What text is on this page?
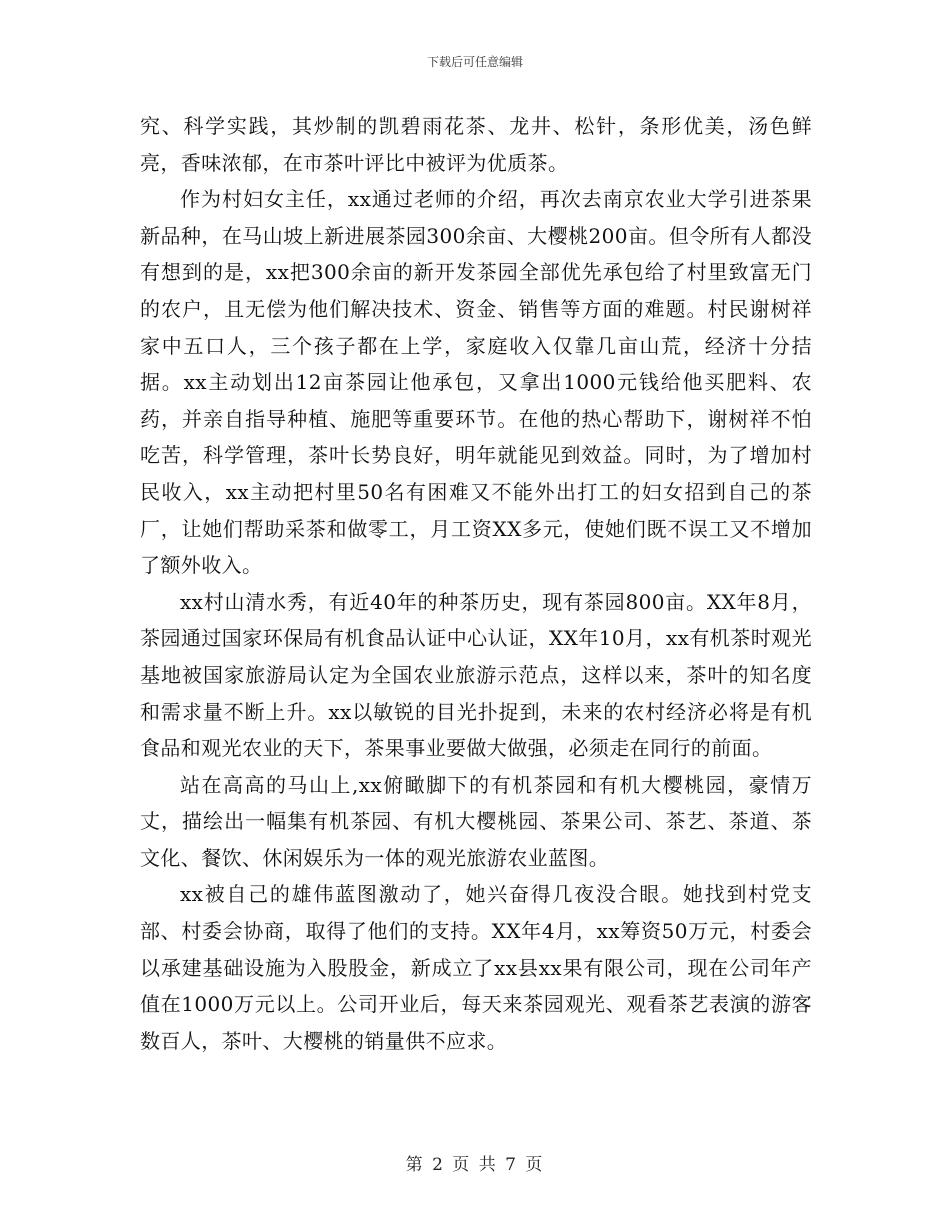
下载后可任意编辑

究、科学实践，其炒制的凯碧雨花茶、龙井、松针，条形优美，汤色鲜亮，香味浓郁，在市茶叶评比中被评为优质茶。

作为村妇女主任，xx通过老师的介绍，再次去南京农业大学引进茶果新品种，在马山坡上新进展茶园300余亩、大樱桃200亩。但令所有人都没有想到的是，xx把300余亩的新开发茶园全部优先承包给了村里致富无门的农户，且无偿为他们解决技术、资金、销售等方面的难题。村民谢树祥家中五口人，三个孩子都在上学，家庭收入仅靠几亩山荒，经济十分拮据。xx主动划出12亩茶园让他承包，又拿出1000元钱给他买肥料、农药，并亲自指导种植、施肥等重要环节。在他的热心帮助下，谢树祥不怕吃苦，科学管理，茶叶长势良好，明年就能见到效益。同时，为了增加村民收入，xx主动把村里50名有困难又不能外出打工的妇女招到自己的茶厂，让她们帮助采茶和做零工，月工资XX多元，使她们既不误工又不增加了额外收入。

xx村山清水秀，有近40年的种茶历史，现有茶园800亩。XX年8月，茶园通过国家环保局有机食品认证中心认证，XX年10月，xx有机茶时观光基地被国家旅游局认定为全国农业旅游示范点，这样以来，茶叶的知名度和需求量不断上升。xx以敏锐的目光扑捉到，未来的农村经济必将是有机食品和观光农业的天下，茶果事业要做大做强，必须走在同行的前面。

站在高高的马山上,xx俯瞰脚下的有机茶园和有机大樱桃园，豪情万丈，描绘出一幅集有机茶园、有机大樱桃园、茶果公司、茶艺、茶道、茶文化、餐饮、休闲娱乐为一体的观光旅游农业蓝图。

xx被自己的雄伟蓝图激动了，她兴奋得几夜没合眼。她找到村党支部、村委会协商，取得了他们的支持。XX年4月，xx筹资50万元，村委会以承建基础设施为入股股金，新成立了xx县xx果有限公司，现在公司年产值在1000万元以上。公司开业后，每天来茶园观光、观看茶艺表演的游客数百人，茶叶、大樱桃的销量供不应求。

第 2 页 共 7 页
